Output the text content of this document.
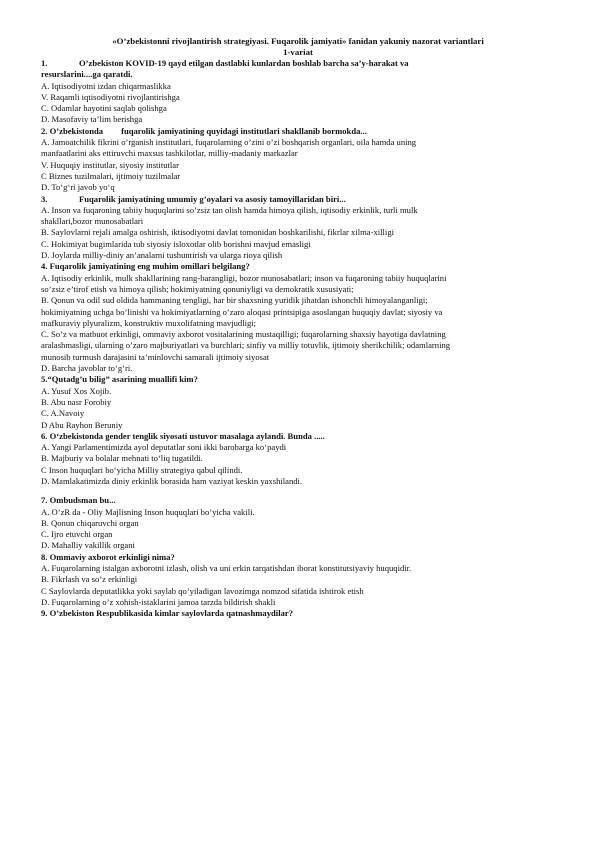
«O’zbekistonni rivojlantirish strategiyasi. Fuqarolik jamiyati» fanidan yakuniy nazorat variantlari
1-variat
1.	O’zbekiston KOVID-19 qayd etilgan dastlabki kunlardan boshlab barcha sa’y-harakat va
resurslarini....ga qaratdi.
A. Iqtisodiyotni izdan chiqarmaslikka
V. Raqamli iqtisodiyotni rivojlantirishga
C. Odamlar hayotini saqlab qolishga
D. Masofaviy ta’lim berishga
2. O’zbekistonda fuqarolik jamiyatining quyidagi institutlari shakllanib bormokda...
A. Jamoatchilik fikrini o’rganish institutlari, fuqarolarning o’zini o’zi boshqarish organlari, oila hamda uning
manfaatlarini aks ettiruvchi maxsus tashkilotlar, milliy-madaniy markazlar
V. Huquqiy institutlar, siyosiy institutlar
C Biznes tuzilmalari, ijtimoiy tuzilmalar
D. To‘g‘ri javob yo‘q
3.	Fuqarolik jamiyatining umumiy g’oyalari va asosiy tamoyillaridan biri...
A. Inson va fuqaroning tabiiy huquqlarini so’zsiz tan olish hamda himoya qilish, iqtisodiy erkinlik, turli mulk
shakllari,bozor munosabatlari
B. Saylovlarni rejali amalga oshirish, iktisodiyotni davlat tomonidan boshkarilishi, fikrlar xilma-xilligi
C. Hokimiyat bugimlarida tub siyosiy isloxotlar olib borishni mavjud emasligi
D. Joylarda milliy-diniy an’analarni tushuntirish va ularga rioya qilish
4. Fuqarolik jamiyatining eng muhim omillari belgilang?
A. Iqtisodiy erkinlik, mulk shakllarining rang-barangligi, bozor munosabatlari; inson va fuqaroning tabiiy huquqlarini
so’zsiz e’tirof etish va himoya qilish; hokimiyatning qonuniyligi va demokratik xususiyati;
B. Qonun va odil sud oldida hammaning tengligi, har bir shaxsning yuridik jihatdan ishonchli himoyalanganligi;
hokimiyatning uchga bo’linishi va hokimiyatlarning o’zaro aloqasi printsipiga asoslangan huquqiy davlat; siyosiy va
mafkuraviy plyuralizm, konstruktiv muxolifatning mavjudligi;
C. So’z va matbuot erkinligi, ommaviy axborot vositalarining mustaqilligi; fuqarolarning shaxsiy hayotiga davlatning
aralashmasligi, ularning o’zaro majburiyatlari va burchlari; sinfiy va milliy totuvlik, ijtimoiy sherikchilik; odamlarning
munosib turmush darajasini ta’minlovchi samarali ijtimoiy siyosat
D. Barcha javoblar to‘g‘ri.
5.“Qutadg’u bilig” asarining muallifi kim?
A. Yusuf Xos Xojib.
B. Abu nasr Forobiy
C. A.Navoiy
D Abu Rayhon Beruniy
6. O‘zbekistonda gender tenglik siyosati ustuvor masalaga aylandi. Bunda .....
A. Yangi Parlamentimizda ayol deputatlar soni ikki barobarga ko‘paydi
B. Majburiy va bolalar mehnati to‘liq tugatildi.
C Inson huquqlari bo‘yicha Milliy strategiya qabul qilindi.
D. Mamlakatimizda diniy erkinlik borasida ham vaziyat keskin yaxshilandi.
7. Ombudsman bu...
A. O’zR da - Oliy Majlisning Inson huquqlari bo’yicha vakili.
B. Qonun chiqaruvchi organ
C. Ijro etuvchi organ
D. Mahalliy vakillik organi
8. Ommaviy axborot erkinligi nima?
A. Fuqarolarning istalgan axborotni izlash, olish va uni erkin tarqatishdan iborat konstitutsiyaviy huquqidir.
B. Fikrlash va so’z erkinligi
C Saylovlarda deputatlikka yoki saylab qo’yiladigan lavozimga nomzod sifatida ishtirok etish
D. Fuqarolarning o’z xohish-istaklarini jamoa tarzda bildirish shakli
9. O’zbekiston Respublikasida kimlar saylovlarda qatnashmaydilar?
